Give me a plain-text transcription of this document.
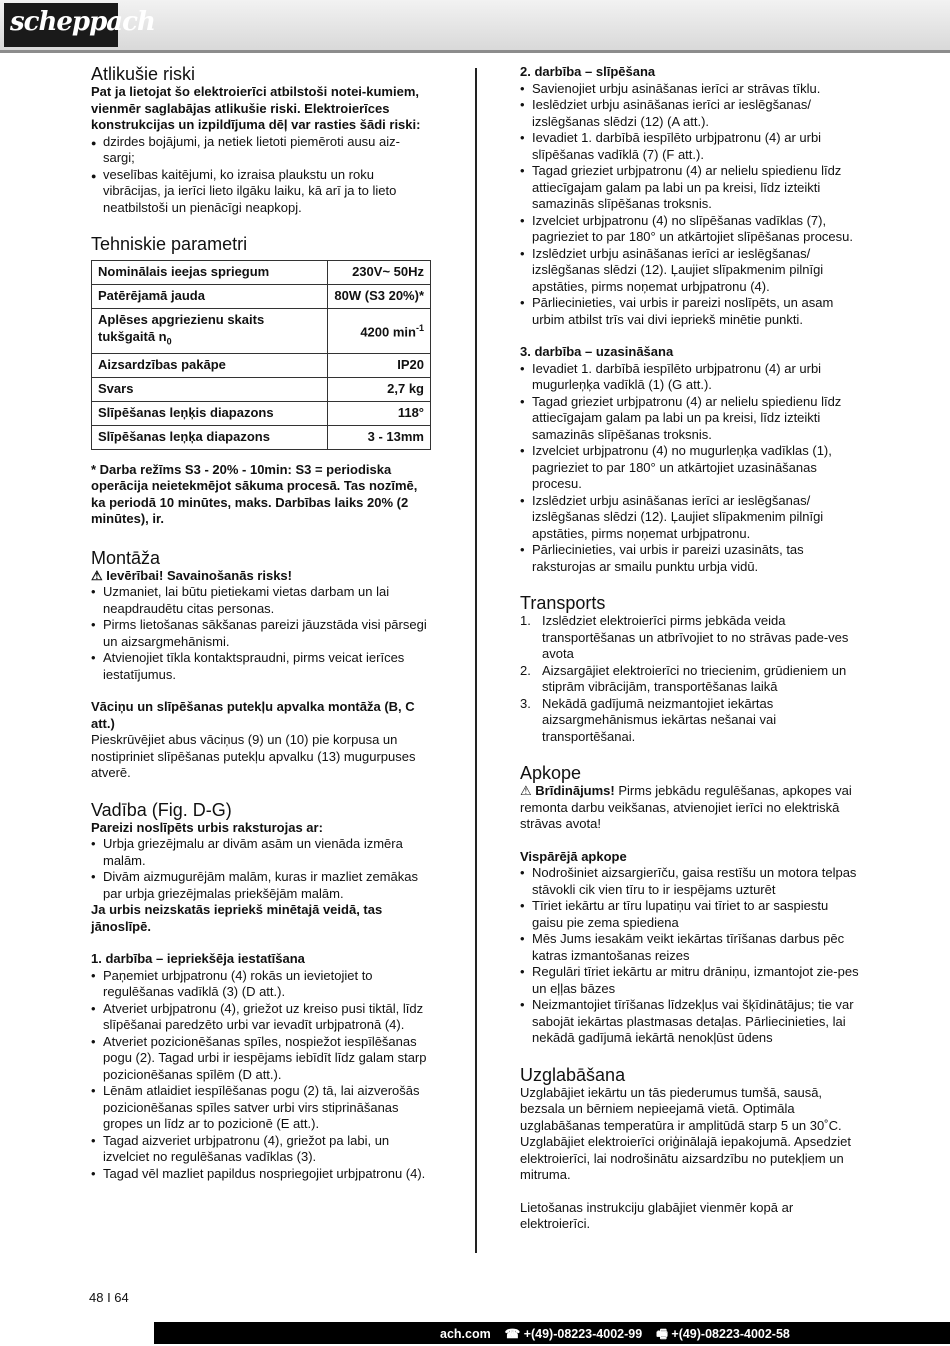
scheppach
Atlikušie riski

Pat ja lietojat šo elektroierīci atbilstoši notei-kumiem, vienmēr saglabājas atlikušie riski. Elektroierīces konstrukcijas un izpildījuma dēļ var rasties šādi riski:

● dzirdes bojājumi, ja netiek lietoti piemēroti ausu aiz-sargi;
● veselības kaitējumi, ko izraisa plaukstu un roku vibrācijas, ja ierīci lieto ilgāku laiku, kā arī ja to lieto neatbilstoši un pienācīgi neapkopj.
Tehniskie parametri
Nominālais ieejas spriegum	230V~ 50Hz
Patērējamā jauda	80W (S3 20%)*
Aplēses apgriezienu skaits tukšgaitā $n_0$	4200 $\min^{-1}$
Aizsardzības pakāpe	IP20
Svars	2,7 kg
Slīpēšanas leņķis diapazons	118°
Slīpēšanas leņķa diapazons	3 - 13mm

* Darba režīms S3 - 20% - 10min: S3 = periodiska operācija neietekmējot sākuma procesā. Tas nozīmē, ka periodā 10 minūtes, maks. Darbības laiks 20% (2 minūtes), ir.

Montāža

⚠ Ievērībai! Savainošanās risks!

• Uzmaniet, lai būtu pietiekami vietas darbam un lai neapdraudētu citas personas.
• Pirms lietošanas sākšanas pareizi jāuzstāda visi pārsegi un aizsargmehānismi.
• Atvienojiet tīkla kontaktspraudni, pirms veicat ierīces iestatījumus.

Vāciņu un slīpēšanas putekļu apvalka montāža (B, C att.)

Pieskrūvējiet abus vāciņus (9) un (10) pie korpusa un nostipriniet slīpēšanas putekļu apvalku (13) mugurpuses atverē.

Vadība (Fig. D-G)

Pareizi noslīpēts urbis raksturojas ar:

• Urbja griezējmalu ar divām asām un vienāda izmēra malām.
• Divām aizmugurējām malām, kuras ir mazliet zemākas par urbja griezējmalas priekšējām malām.

Ja urbis neizskatās iepriekš minētajā veidā, tas jānoslīpē.

1. darbība – iepriekšēja iestatīšana

• Paņemiet urbjpatronu (4) rokās un ievietojiet to regulēšanas vadīklā (3) (D att.).
• Atveriet urbjpatronu (4), griežot uz kreiso pusi tiktāl, līdz slīpēšanai paredzēto urbi var ievadīt urbjpatronā (4).
• Atveriet pozicionēšanas spīles, nospiežot iespīlēšanas pogu (2). Tagad urbi ir iespējams iebīdīt līdz galam starp pozicionēšanas spīlēm (D att.).
• Lēnām atlaidiet iespīlēšanas pogu (2) tā, lai aizverošās pozicionēšanas spīles satver urbi virs stiprināšanas gropes un līdz ar to pozicionē (E att.).
• Tagad aizveriet urbjpatronu (4), griežot pa labi, un izvelciet no regulēšanas vadīklas (3).
• Tagad vēl mazliet papildus nospriegojiet urbjpatronu (4).

2. darbība – slīpēšana

• Savienojiet urbju asināšanas ierīci ar strāvas tīklu.
• Ieslēdziet urbju asināšanas ierīci ar ieslēgšanas/ izslēgšanas slēdzi (12) (A att.).
• Ievadiet 1. darbībā iespīlēto urbjpatronu (4) ar urbi slīpēšanas vadīklā (7) (F att.).
• Tagad grieziet urbjpatronu (4) ar nelielu spiedienu līdz attiecīgajam galam pa labi un pa kreisi, līdz izteikti samazinās slīpēšanas troksnis.
• Izvelciet urbjpatronu (4) no slīpēšanas vadīklas (7), pagrieziet to par 180° un atkārtojiet slīpēšanas procesu.
• Izslēdziet urbju asināšanas ierīci ar ieslēgšanas/ izslēgšanas slēdzi (12). Ļaujiet slīpakmenim pilnīgi apstāties, pirms noņemat urbjpatronu (4).
• Pārliecinieties, vai urbis ir pareizi noslīpēts, un asam urbim atbilst trīs vai divi iepriekš minētie punkti.

3. darbība – uzasināšana

• Ievadiet 1. darbībā iespīlēto urbjpatronu (4) ar urbi mugurleņķa vadīklā (1) (G att.).
• Tagad grieziet urbjpatronu (4) ar nelielu spiedienu līdz attiecīgajam galam pa labi un pa kreisi, līdz izteikti samazinās slīpēšanas troksnis.
• Izvelciet urbjpatronu (4) no mugurleņķa vadīklas (1), pagrieziet to par 180° un atkārtojiet uzasināšanas procesu.
• Izslēdziet urbju asināšanas ierīci ar ieslēgšanas/ izslēgšanas slēdzi (12). Ļaujiet slīpakmenim pilnīgi apstāties, pirms noņemat urbjpatronu.
• Pārliecinieties, vai urbis ir pareizi uzasināts, tas raksturojas ar smailu punktu urbja vidū.
Transports
1. Izslēdziet elektroierīci pirms jebkāda veida transportēšanas un atbrīvojiet to no strāvas pade-ves avota
2. Aizsargājiet elektroierīci no triecienim, grūdieniem un stiprām vibrācijām, transportēšanas laikā
3. Nekādā gadījumā neizmantojiet iekārtas aizsargmehānismus iekārtas nešanai vai transportēšanai.
Apkope

⚠ Brīdinājums! Pirms jebkādu regulēšanas, apkopes vai remonta darbu veikšanas, atvienojiet ierīci no elektriskā strāvas avota!

Vispārējā apkope

• Nodrošiniet aizsargierīču, gaisa restīšu un motora telpas stāvokli cik vien tīru to ir iespējams uzturēt
• Tīriet iekārtu ar tīru lupatiņu vai tīriet to ar saspiestu gaisu pie zema spiediena
• Mēs Jums iesakām veikt iekārtas tīrīšanas darbus pēc katras izmantošanas reizes
• Regulāri tīriet iekārtu ar mitru drāniņu, izmantojot zie-pes un eļļas bāzes
• Neizmantojiet tīrīšanas līdzekļus vai šķīdinātājus; tie var sabojāt iekārtas plastmasas detaļas. Pārliecinieties, lai nekādā gadījumā iekārtā nenokļūst ūdens
Uzglabāšana

Uzglabājiet iekārtu un tās piederumus tumšā, sausā, bezsala un bērniem nepieejamā vietā. Optimāla uzglabāšanas temperatūra ir amplitūdā starp 5 un 30˚C. Uzglabājiet elektroierīci oriģinālajā iepakojumā. Apsedziet elektroierīci, lai nodrošinātu aizsardzību no putekļiem un mitruma.

Lietošanas instrukciju glabājiet vienmēr kopā ar elektroierīci.

48 I 64
ach.com ☎ +(49)-08223-4002-99 🖷 +(49)-08223-4002-58
